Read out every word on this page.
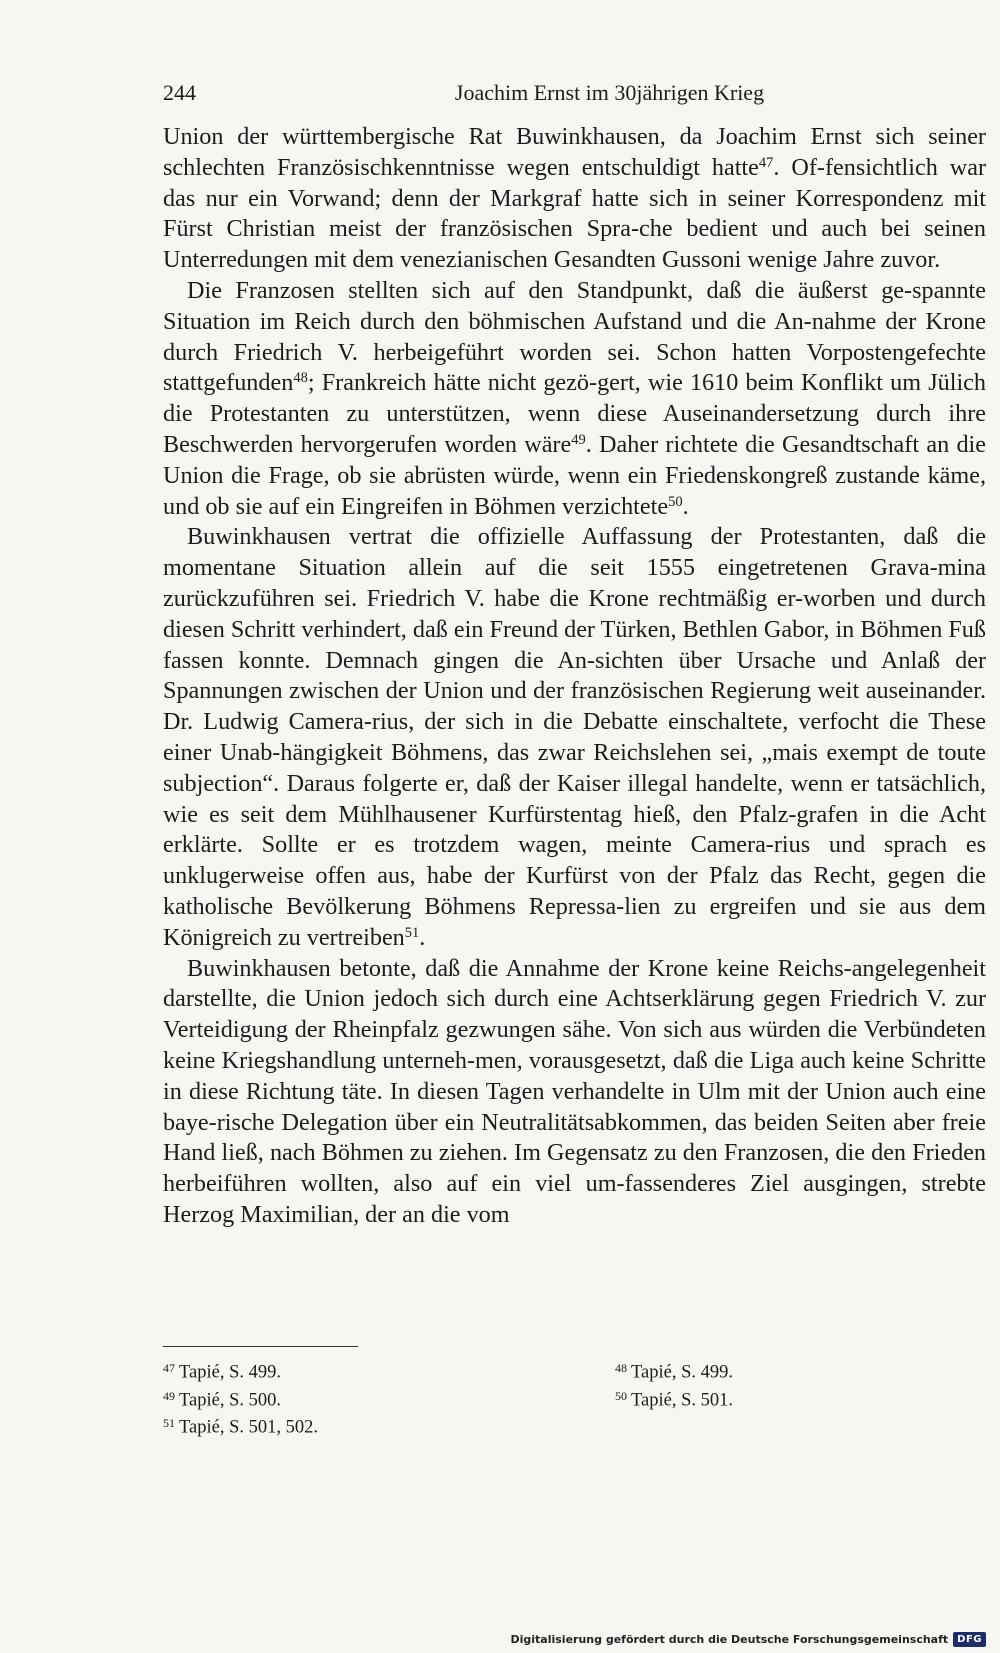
244	Joachim Ernst im 30jährigen Krieg

Union der württembergische Rat Buwinkhausen, da Joachim Ernst sich seiner schlechten Französischkenntnisse wegen entschuldigt hatte$^{47}$. Of-fensichtlich war das nur ein Vorwand; denn der Markgraf hatte sich in seiner Korrespondenz mit Fürst Christian meist der französischen Spra-che bedient und auch bei seinen Unterredungen mit dem venezianischen Gesandten Gussoni wenige Jahre zuvor.

Die Franzosen stellten sich auf den Standpunkt, daß die äußerst ge-spannte Situation im Reich durch den böhmischen Aufstand und die An-nahme der Krone durch Friedrich V. herbeigeführt worden sei. Schon hatten Vorpostengefechte stattgefunden$^{48}$; Frankreich hätte nicht gezö-gert, wie 1610 beim Konflikt um Jülich die Protestanten zu unterstützen, wenn diese Auseinandersetzung durch ihre Beschwerden hervorgerufen worden wäre$^{49}$. Daher richtete die Gesandtschaft an die Union die Frage, ob sie abrüsten würde, wenn ein Friedenskongreß zustande käme, und ob sie auf ein Eingreifen in Böhmen verzichtete$^{50}$.

Buwinkhausen vertrat die offizielle Auffassung der Protestanten, daß die momentane Situation allein auf die seit 1555 eingetretenen Grava-mina zurückzuführen sei. Friedrich V. habe die Krone rechtmäßig er-worben und durch diesen Schritt verhindert, daß ein Freund der Türken, Bethlen Gabor, in Böhmen Fuß fassen konnte. Demnach gingen die An-sichten über Ursache und Anlaß der Spannungen zwischen der Union und der französischen Regierung weit auseinander. Dr. Ludwig Camera-rius, der sich in die Debatte einschaltete, verfocht die These einer Unab-hängigkeit Böhmens, das zwar Reichslehen sei, „mais exempt de toute subjection“. Daraus folgerte er, daß der Kaiser illegal handelte, wenn er tatsächlich, wie es seit dem Mühlhausener Kurfürstentag hieß, den Pfalz-grafen in die Acht erklärte. Sollte er es trotzdem wagen, meinte Camera-rius und sprach es unklugerweise offen aus, habe der Kurfürst von der Pfalz das Recht, gegen die katholische Bevölkerung Böhmens Repressa-lien zu ergreifen und sie aus dem Königreich zu vertreiben$^{51}$.

Buwinkhausen betonte, daß die Annahme der Krone keine Reichs-angelegenheit darstellte, die Union jedoch sich durch eine Achtserklärung gegen Friedrich V. zur Verteidigung der Rheinpfalz gezwungen sähe. Von sich aus würden die Verbündeten keine Kriegshandlung unterneh-men, vorausgesetzt, daß die Liga auch keine Schritte in diese Richtung täte. In diesen Tagen verhandelte in Ulm mit der Union auch eine baye-rische Delegation über ein Neutralitätsabkommen, das beiden Seiten aber freie Hand ließ, nach Böhmen zu ziehen. Im Gegensatz zu den Franzosen, die den Frieden herbeiführen wollten, also auf ein viel um-fassenderes Ziel ausgingen, strebte Herzog Maximilian, der an die vom

$^{47}$ Tapié, S. 499.	$^{48}$ Tapié, S. 499.
$^{49}$ Tapié, S. 500.	$^{50}$ Tapié, S. 501.
$^{51}$ Tapié, S. 501, 502.
Digitalisierung gefördert durch die Deutsche Forschungsgemeinschaft DFG
